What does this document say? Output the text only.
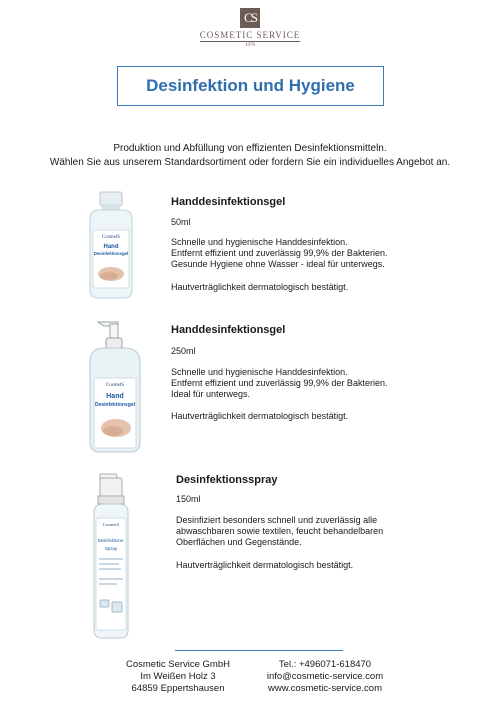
CS
COSMETIC SERVICE
1976
Desinfektion und Hygiene
Produktion und Abfüllung von effizienten Desinfektionsmitteln.
Wählen Sie aus unserem Standardsortiment oder fordern Sie ein individuelles Angebot an.
CosmetS
Hand
Desinfektionsgel
Handdesinfektionsgel
50ml
Schnelle und hygienische Handdesinfektion.
Entfernt effizient und zuverlässig 99,9% der Bakterien.
Gesunde Hygiene ohne Wasser - ideal für unterwegs.
Hautverträglichkeit dermatologisch bestätigt.
CosmetS
Hand
Desinfektionsgel
Handdesinfektionsgel
250ml
Schnelle und hygienische Handdesinfektion.
Entfernt effizient und zuverlässig 99,9% der Bakterien.
Ideal für unterwegs.
Hautverträglichkeit dermatologisch bestätigt.
CosmetS
Desinfektions-
Spray
Desinfektionsspray
150ml
Desinfiziert besonders schnell und zuverlässig alle
abwaschbaren sowie textilen, feucht behandelbaren
Oberflächen und Gegenstände.
Hautverträglichkeit dermatologisch bestätigt.
Cosmetic Service GmbH
Im Weißen Holz 3
64859 Eppertshausen
Tel.: +496071-618470
info@cosmetic-service.com
www.cosmetic-service.com
